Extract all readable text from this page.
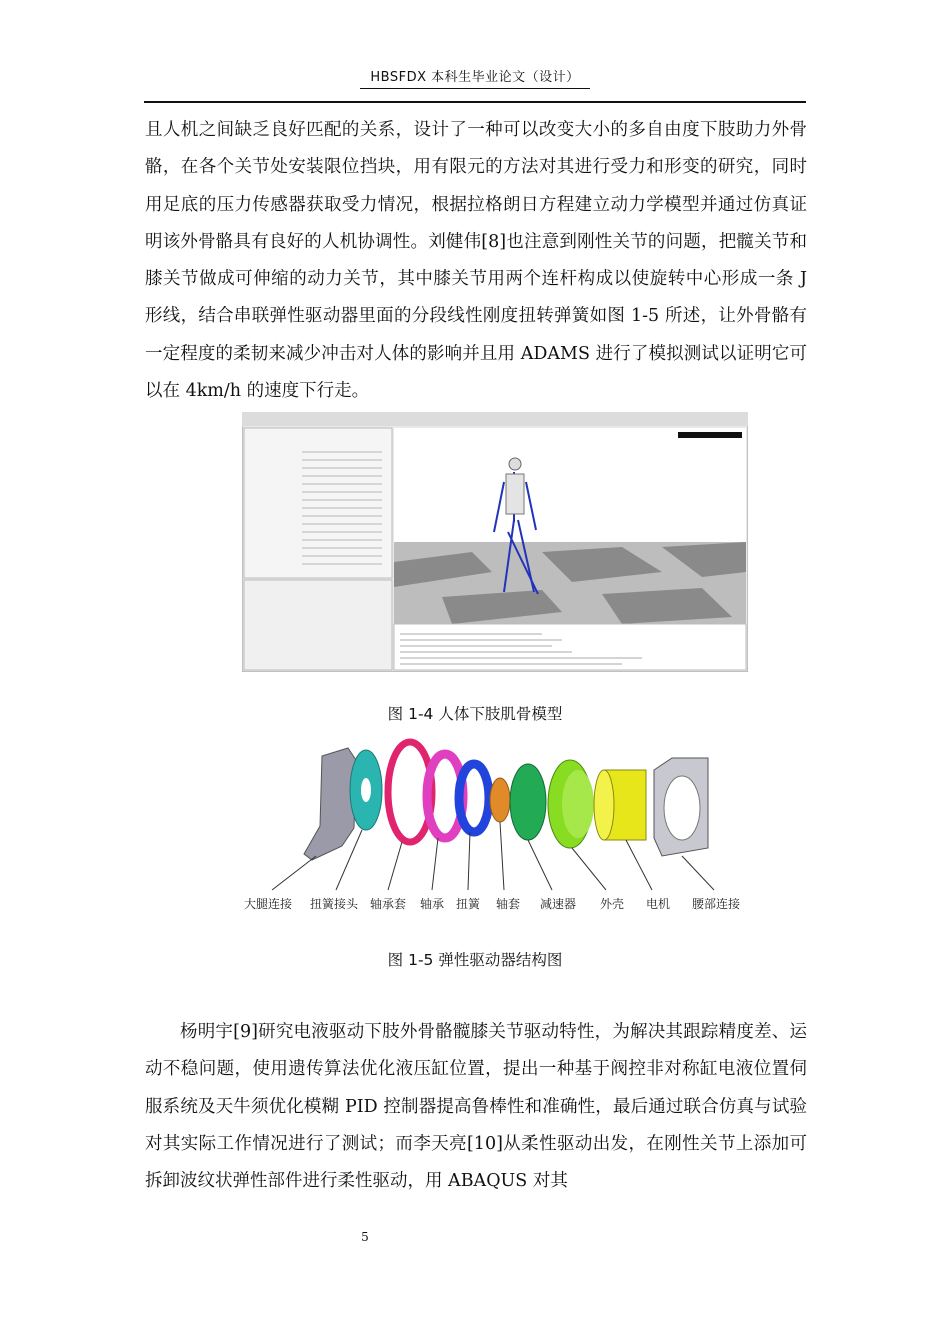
HBSFDX 本科生毕业论文（设计）

且人机之间缺乏良好匹配的关系，设计了一种可以改变大小的多自由度下肢助力外骨骼，在各个关节处安装限位挡块，用有限元的方法对其进行受力和形变的研究，同时用足底的压力传感器获取受力情况，根据拉格朗日方程建立动力学模型并通过仿真证明该外骨骼具有良好的人机协调性。刘健伟[8]也注意到刚性关节的问题，把髋关节和膝关节做成可伸缩的动力关节，其中膝关节用两个连杆构成以使旋转中心形成一条 J 形线，结合串联弹性驱动器里面的分段线性刚度扭转弹簧如图 1-5 所述，让外骨骼有一定程度的柔韧来减少冲击对人体的影响并且用 ADAMS 进行了模拟测试以证明它可以在 4km/h 的速度下行走。

图 1-4 人体下肢肌骨模型
大腿连接 扭簧接头 轴承套 轴承 扭簧 轴套 减速器 外壳 电机 腰部连接
图 1-5 弹性驱动器结构图

杨明宇[9]研究电液驱动下肢外骨骼髋膝关节驱动特性，为解决其跟踪精度差、运动不稳问题，使用遗传算法优化液压缸位置，提出一种基于阀控非对称缸电液位置伺服系统及天牛须优化模糊 PID 控制器提高鲁棒性和准确性，最后通过联合仿真与试验对其实际工作情况进行了测试；而李天亮[10]从柔性驱动出发，在刚性关节上添加可拆卸波纹状弹性部件进行柔性驱动，用 ABAQUS 对其

5
